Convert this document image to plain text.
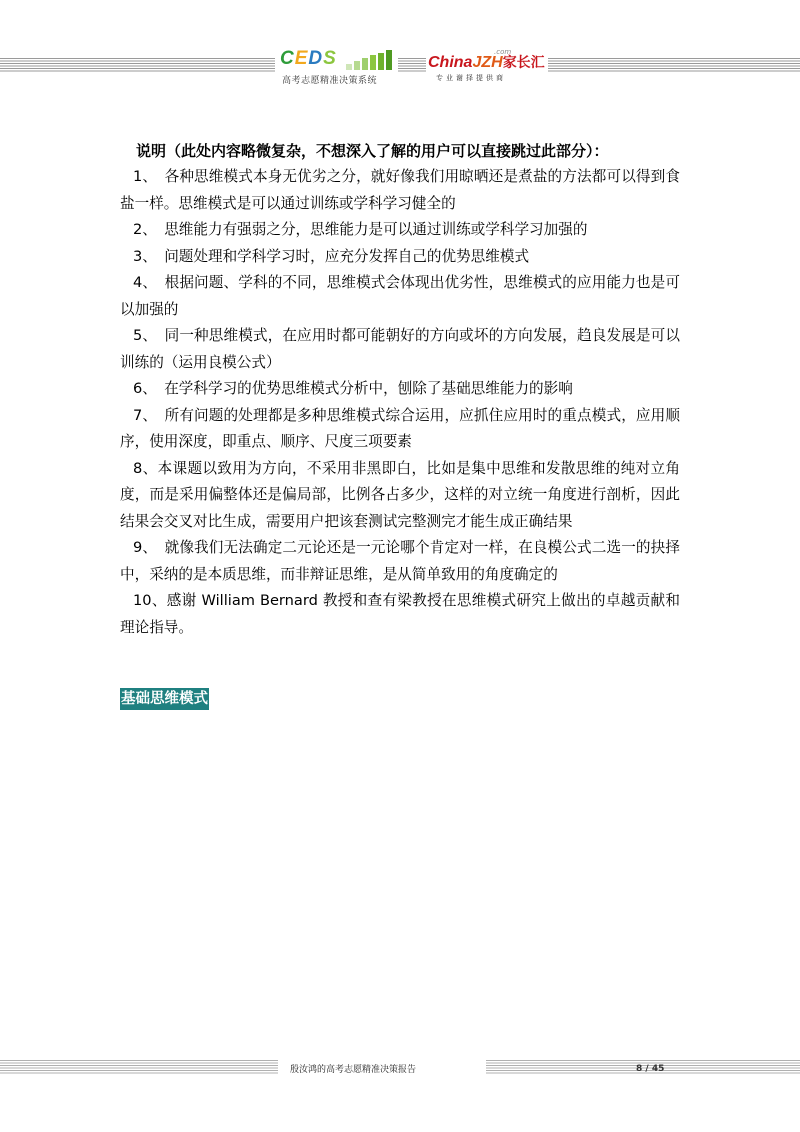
CEDS
高考志愿精准决策系统
.com
ChinaJZH家长汇
专业谢择提供商

说明（此处内容略微复杂，不想深入了解的用户可以直接跳过此部分）：

1、　各种思维模式本身无优劣之分，就好像我们用晾晒还是煮盐的方法都可以得到食盐一样。思维模式是可以通过训练或学科学习健全的

2、　思维能力有强弱之分，思维能力是可以通过训练或学科学习加强的

3、　问题处理和学科学习时，应充分发挥自己的优势思维模式

4、　根据问题、学科的不同，思维模式会体现出优劣性，思维模式的应用能力也是可以加强的

5、　同一种思维模式，在应用时都可能朝好的方向或坏的方向发展，趋良发展是可以训练的（运用良模公式）

6、　在学科学习的优势思维模式分析中，刨除了基础思维能力的影响

7、　所有问题的处理都是多种思维模式综合运用，应抓住应用时的重点模式，应用顺序，使用深度，即重点、顺序、尺度三项要素

8、本课题以致用为方向，不采用非黑即白，比如是集中思维和发散思维的纯对立角度，而是采用偏整体还是偏局部，比例各占多少，这样的对立统一角度进行剖析，因此结果会交叉对比生成，需要用户把该套测试完整测完才能生成正确结果

9、　就像我们无法确定二元论还是一元论哪个肯定对一样，在良模公式二选一的抉择中，采纳的是本质思维，而非辩证思维，是从简单致用的角度确定的

10、感谢 William Bernard 教授和查有梁教授在思维模式研究上做出的卓越贡献和理论指导。

基础思维模式
殷汝鸿的高考志愿精准决策报告	8 / 45
